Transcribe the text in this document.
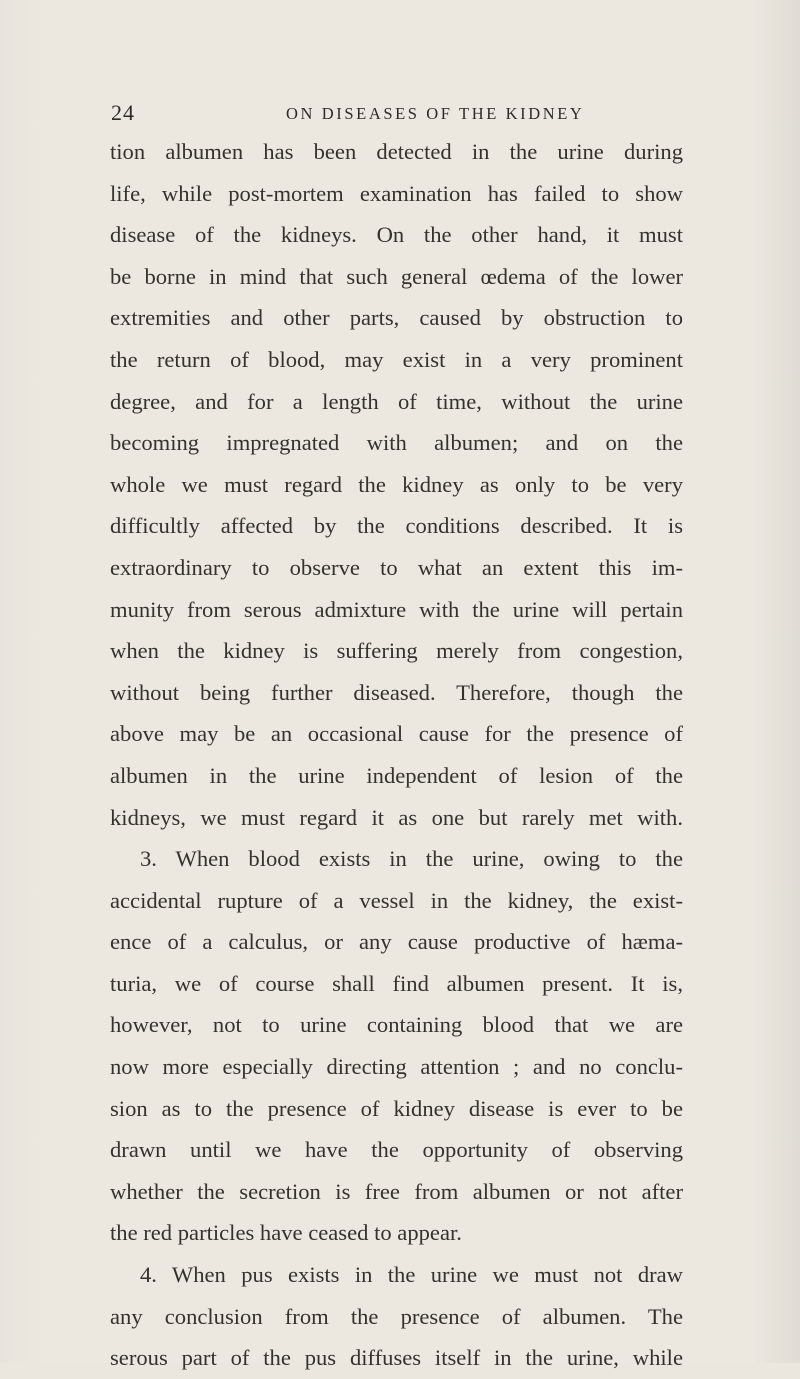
24	ON DISEASES OF THE KIDNEY
tion albumen has been detected in the urine during
life, while post-mortem examination has failed to show
disease of the kidneys. On the other hand, it must
be borne in mind that such general œdema of the lower
extremities and other parts, caused by obstruction to
the return of blood, may exist in a very prominent
degree, and for a length of time, without the urine
becoming impregnated with albumen; and on the
whole we must regard the kidney as only to be very
difficultly affected by the conditions described. It is
extraordinary to observe to what an extent this im-
munity from serous admixture with the urine will pertain
when the kidney is suffering merely from congestion,
without being further diseased. Therefore, though the
above may be an occasional cause for the presence of
albumen in the urine independent of lesion of the
kidneys, we must regard it as one but rarely met with.
3. When blood exists in the urine, owing to the
accidental rupture of a vessel in the kidney, the exist-
ence of a calculus, or any cause productive of hæma-
turia, we of course shall find albumen present. It is,
however, not to urine containing blood that we are
now more especially directing attention ; and no conclu-
sion as to the presence of kidney disease is ever to be
drawn until we have the opportunity of observing
whether the secretion is free from albumen or not after
the red particles have ceased to appear.
4. When pus exists in the urine we must not draw
any conclusion from the presence of albumen. The
serous part of the pus diffuses itself in the urine, while
